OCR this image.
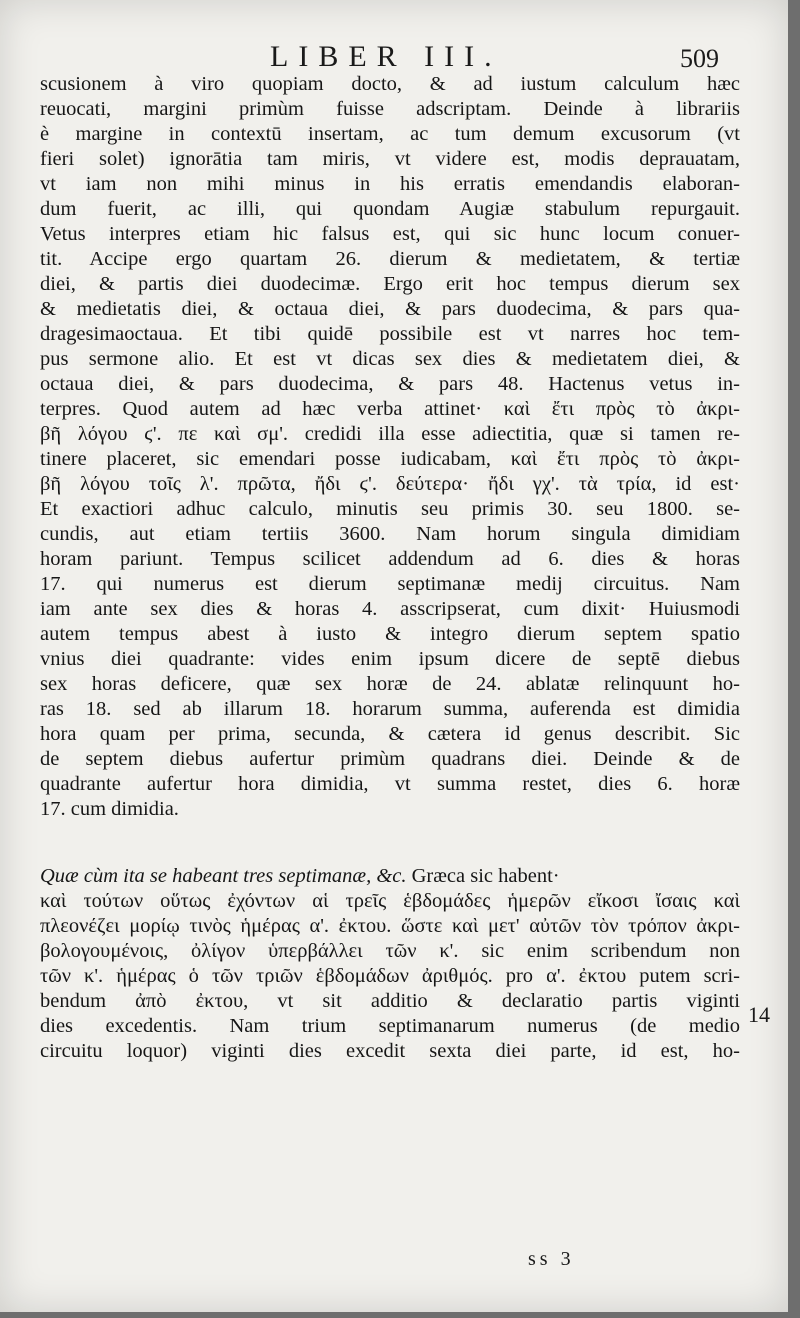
LIBER III.	509
scusionem à viro quopiam docto, & ad iustum calculum hæc
reuocati, margini primùm fuisse adscriptam. Deinde à librariis
è margine in contextū insertam, ac tum demum excusorum (vt
fieri solet) ignorātia tam miris, vt videre est, modis deprauatam,
vt iam non mihi minus in his erratis emendandis elaboran-
dum fuerit, ac illi, qui quondam Augiæ stabulum repurgauit.
Vetus interpres etiam hic falsus est, qui sic hunc locum conuer-
tit. Accipe ergo quartam 26. dierum & medietatem, & tertiæ
diei, & partis diei duodecimæ. Ergo erit hoc tempus dierum sex
& medietatis diei, & octaua diei, & pars duodecima, & pars qua-
dragesimaoctaua. Et tibi quidē possibile est vt narres hoc tem-
pus sermone alio. Et est vt dicas sex dies & medietatem diei, &
octaua diei, & pars duodecima, & pars 48. Hactenus vetus in-
terpres. Quod autem ad hæc verba attinet· καὶ ἔτι πρὸς τὸ ἀκρι-
βῆ λόγου ϛ'. πε καὶ σμ'. credidi illa esse adiectitia, quæ si tamen re-
tinere placeret, sic emendari posse iudicabam, καὶ ἔτι πρὸς τὸ ἀκρι-
βῆ λόγου τοῖς λ'. πρῶτα, ἤδι ϛ'. δεύτερα· ἤδι γχ'. τὰ τρία, id est·
Et exactiori adhuc calculo, minutis seu primis 30. seu 1800. se-
cundis, aut etiam tertiis 3600. Nam horum singula dimidiam
horam pariunt. Tempus scilicet addendum ad 6. dies & horas
17. qui numerus est dierum septimanæ medij circuitus. Nam
iam ante sex dies & horas 4. asscripserat, cum dixit· Huiusmodi
autem tempus abest à iusto & integro dierum septem spatio
vnius diei quadrante: vides enim ipsum dicere de septē diebus
sex horas deficere, quæ sex horæ de 24. ablatæ relinquunt ho-
ras 18. sed ab illarum 18. horarum summa, auferenda est dimidia
hora quam per prima, secunda, & cætera id genus describit. Sic
de septem diebus aufertur primùm quadrans diei. Deinde & de
quadrante aufertur hora dimidia, vt summa restet, dies 6. horæ
17. cum dimidia.
Quæ cùm ita se habeant tres septimanæ, &c. Græca sic habent·
καὶ τούτων οὕτως ἐχόντων αἱ τρεῖς ἑβδομάδες ἡμερῶν εἴκοσι ἴσαις καὶ
πλεονέζει μορίῳ τινὸς ἡμέρας α'. ἐκτου. ὥστε καὶ μετ' αὐτῶν τὸν τρόπον ἀκρι-
βολογουμένοις, ὀλίγον ὑπερβάλλει τῶν κ'. sic enim scribendum non
τῶν κ'. ἡμέρας ὁ τῶν τριῶν ἑβδομάδων ἀριθμός. pro α'. ἐκτου putem scri-
bendum ἀπὸ ἐκτου, vt sit additio & declaratio partis viginti
dies excedentis. Nam trium septimanarum numerus (de medio
circuitu loquor) viginti dies excedit sexta diei parte, id est, ho-
14
ss 3
